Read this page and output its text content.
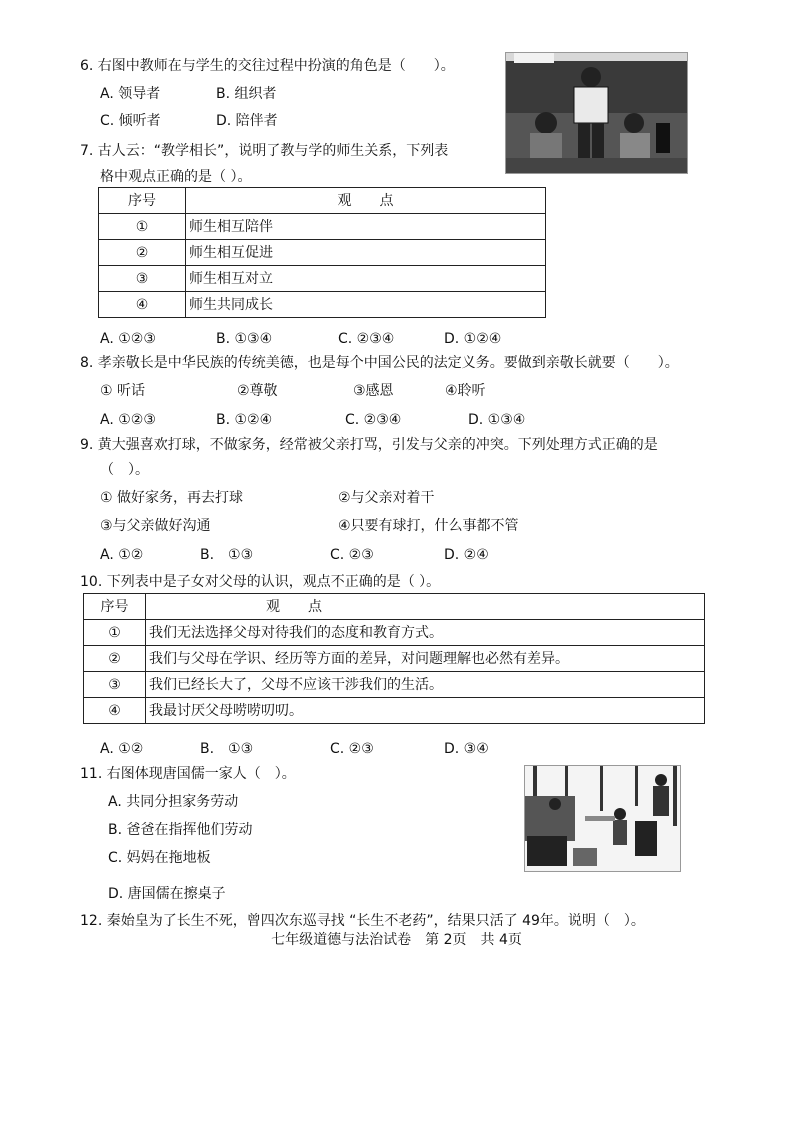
6. 右图中教师在与学生的交往过程中扮演的角色是（　　）。
A. 领导者	B. 组织者
C. 倾听者	D. 陪伴者
7. 古人云：“教学相长”，说明了教与学的师生关系，下列表
格中观点正确的是（ ）。
序号	观　　点
①	师生相互陪伴
②	师生相互促进
③	师生相互对立
④	师生共同成长
A. ①②③	B. ①③④	C. ②③④	D. ①②④
8. 孝亲敬长是中华民族的传统美德，也是每个中国公民的法定义务。要做到亲敬长就要（　　）。
① 听话	②尊敬	③感恩	④聆听
A. ①②③	B. ①②④	C. ②③④	D. ①③④
9. 黄大强喜欢打球，不做家务，经常被父亲打骂，引发与父亲的冲突。下列处理方式正确的是
（　）。
① 做好家务，再去打球	②与父亲对着干
③与父亲做好沟通	④只要有球打，什么事都不管
A. ①②	B.　①③	C. ②③	D. ②④
10. 下列表中是子女对父母的认识，观点不正确的是（ ）。
序号	观　　点
①	我们无法选择父母对待我们的态度和教育方式。
②	我们与父母在学识、经历等方面的差异，对问题理解也必然有差异。
③	我们已经长大了，父母不应该干涉我们的生活。
④	我最讨厌父母唠唠叨叨。
A. ①②	B.　①③	C. ②③	D. ③④
11. 右图体现唐国儒一家人（　）。
A. 共同分担家务劳动
B. 爸爸在指挥他们劳动
C. 妈妈在拖地板
D. 唐国儒在擦桌子
12. 秦始皇为了长生不死，曾四次东巡寻找 “长生不老药”，结果只活了 49年。说明（　）。
七年级道德与法治试卷　第 2页　共 4页
